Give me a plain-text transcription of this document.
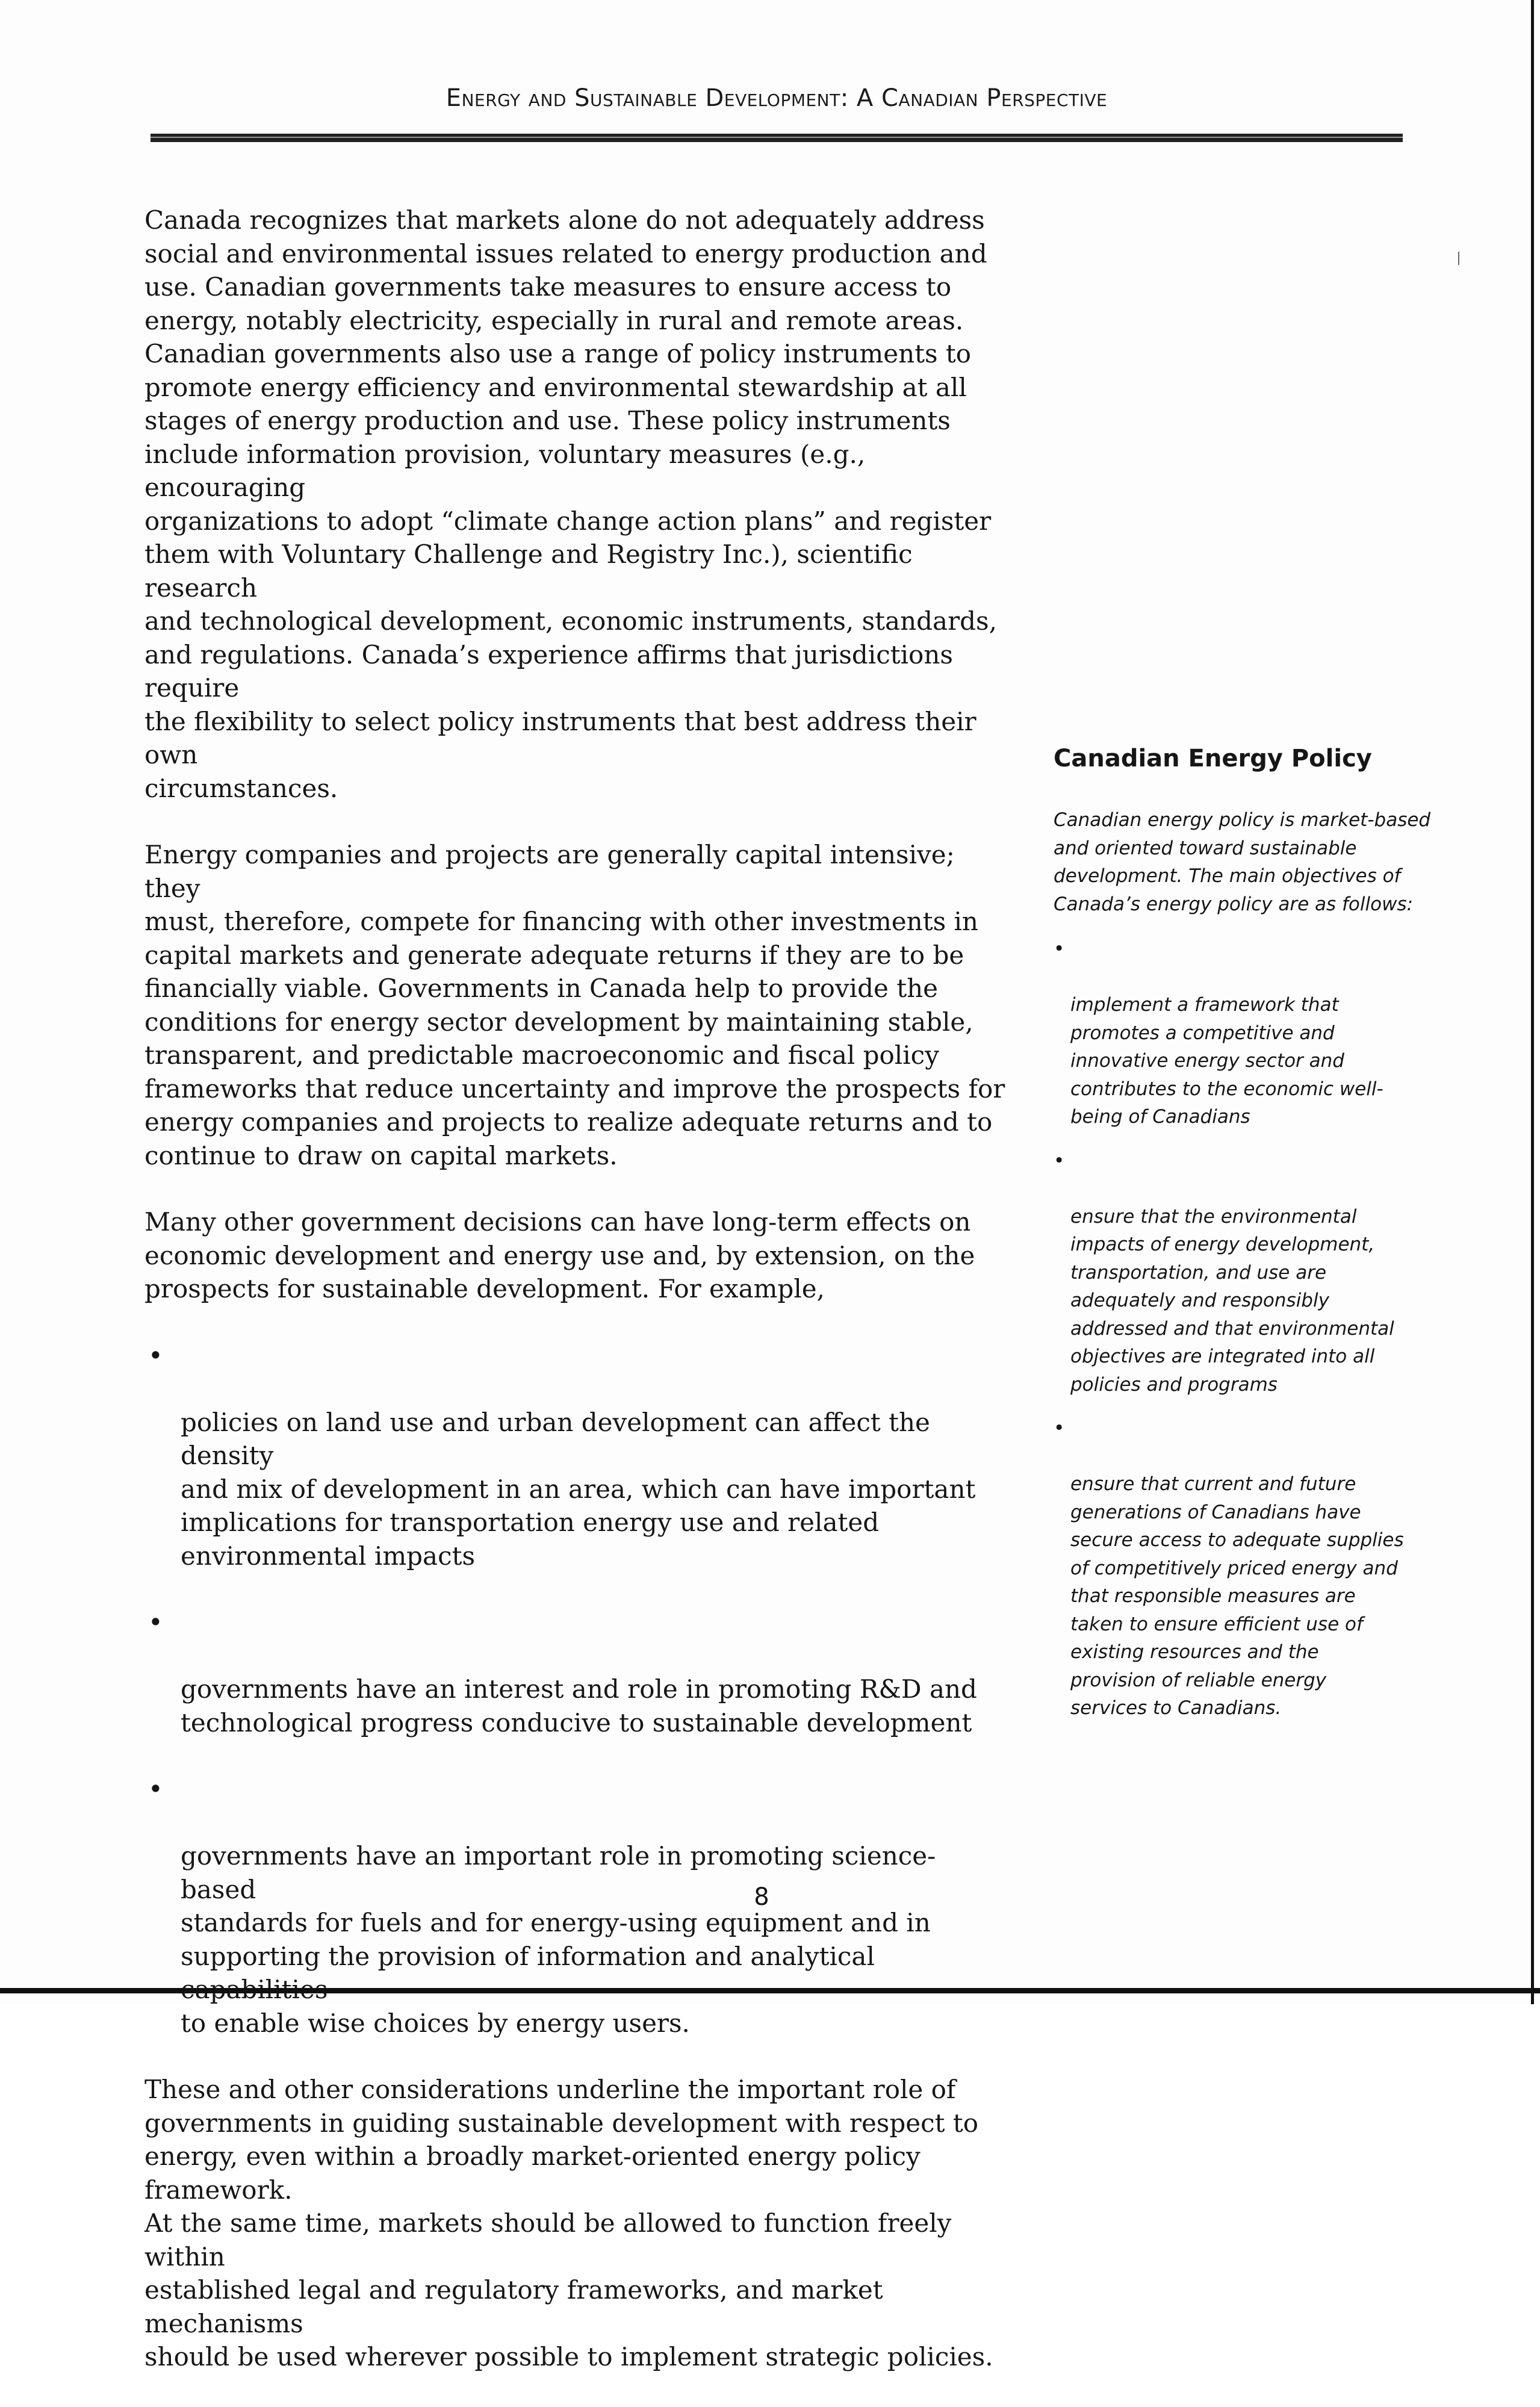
Energy and Sustainable Development: A Canadian Perspective

Canada recognizes that markets alone do not adequately address
social and environmental issues related to energy production and
use. Canadian governments take measures to ensure access to
energy, notably electricity, especially in rural and remote areas.
Canadian governments also use a range of policy instruments to
promote energy efficiency and environmental stewardship at all
stages of energy production and use. These policy instruments
include information provision, voluntary measures (e.g., encouraging
organizations to adopt “climate change action plans” and register
them with Voluntary Challenge and Registry Inc.), scientific research
and technological development, economic instruments, standards,
and regulations. Canada’s experience affirms that jurisdictions require
the flexibility to select policy instruments that best address their own
circumstances.

Energy companies and projects are generally capital intensive; they
must, therefore, compete for financing with other investments in
capital markets and generate adequate returns if they are to be
financially viable. Governments in Canada help to provide the
conditions for energy sector development by maintaining stable,
transparent, and predictable macroeconomic and fiscal policy
frameworks that reduce uncertainty and improve the prospects for
energy companies and projects to realize adequate returns and to
continue to draw on capital markets.

Many other government decisions can have long-term effects on
economic development and energy use and, by extension, on the
prospects for sustainable development. For example,

•

policies on land use and urban development can affect the density
and mix of development in an area, which can have important
implications for transportation energy use and related
environmental impacts

•

governments have an interest and role in promoting R&D and
technological progress conducive to sustainable development

•

governments have an important role in promoting science-based
standards for fuels and for energy-using equipment and in
supporting the provision of information and analytical
to enable wise choices by energy users.

These and other considerations underline the important role of
governments in guiding sustainable development with respect to
energy, even within a broadly market-oriented energy policy framework.
At the same time, markets should be allowed to function freely within
established legal and regulatory frameworks, and market mechanisms
should be used wherever possible to implement strategic policies.

Canadian Energy Policy

Canadian energy policy is market-based
and oriented toward sustainable
development. The main objectives of
Canada’s energy policy are as follows:

•

implement a framework that
promotes a competitive and
innovative energy sector and
contributes to the economic well-
being of Canadians

•

ensure that the environmental
impacts of energy development,
transportation, and use are
adequately and responsibly
addressed and that environmental
objectives are integrated into all
policies and programs

•

ensure that current and future
generations of Canadians have
secure access to adequate supplies
of competitively priced energy and
that responsible measures are
taken to ensure efficient use of
existing resources and the
provision of reliable energy
services to Canadians.

8
